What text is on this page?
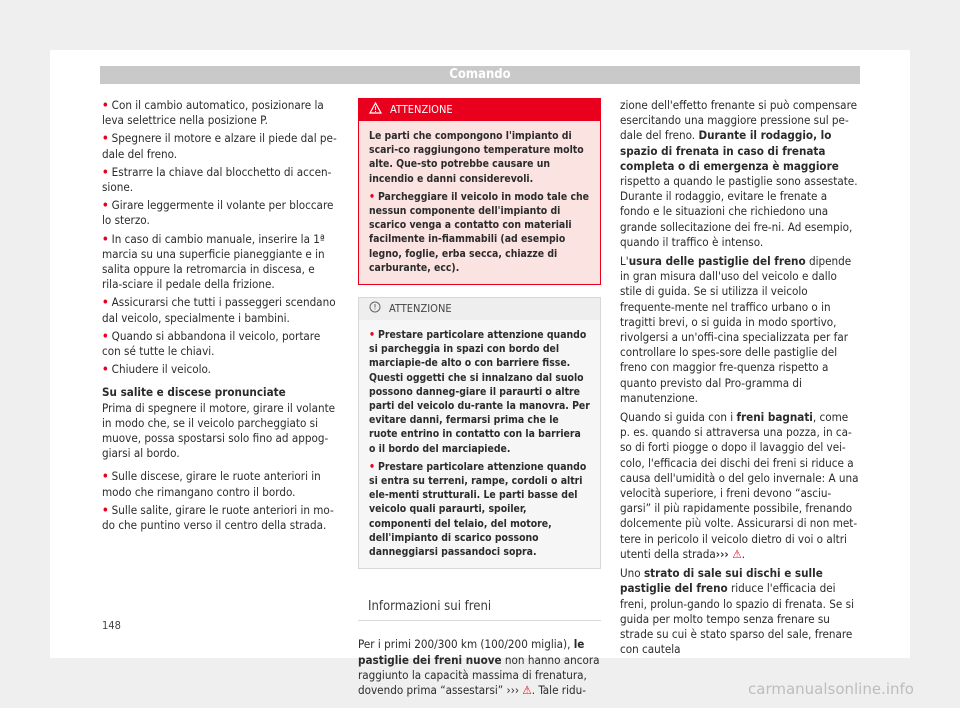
Comando
• Con il cambio automatico, posizionare la leva selettrice nella posizione P.
• Spegnere il motore e alzare il piede dal pe-dale del freno.
• Estrarre la chiave dal blocchetto di accen-sione.
• Girare leggermente il volante per bloccare lo sterzo.
• In caso di cambio manuale, inserire la 1ª marcia su una superficie pianeggiante e in salita oppure la retromarcia in discesa, e rila-sciare il pedale della frizione.
• Assicurarsi che tutti i passeggeri scendano dal veicolo, specialmente i bambini.
• Quando si abbandona il veicolo, portare con sé tutte le chiavi.
• Chiudere il veicolo.
Su salite e discese pronunciate

Prima di spegnere il motore, girare il volante in modo che, se il veicolo parcheggiato si muove, possa spostarsi solo fino ad appog-giarsi al bordo.

• Sulle discese, girare le ruote anteriori in modo che rimangano contro il bordo.
• Sulle salite, girare le ruote anteriori in mo-do che puntino verso il centro della strada.
ATTENZIONE
Le parti che compongono l'impianto di scari-co raggiungono temperature molto alte. Que-sto potrebbe causare un incendio e danni considerevoli.
• Parcheggiare il veicolo in modo tale che nessun componente dell'impianto di scarico venga a contatto con materiali facilmente in-fiammabili (ad esempio legno, foglie, erba secca, chiazze di carburante, ecc).
ATTENZIONE
• Prestare particolare attenzione quando si parcheggia in spazi con bordo del marciapie-de alto o con barriere fisse. Questi oggetti che si innalzano dal suolo possono danneg-giare il paraurti o altre parti del veicolo du-rante la manovra. Per evitare danni, fermarsi prima che le ruote entrino in contatto con la barriera o il bordo del marciapiede.
• Prestare particolare attenzione quando si entra su terreni, rampe, cordoli o altri ele-menti strutturali. Le parti basse del veicolo quali paraurti, spoiler, componenti del telaio, del motore, dell'impianto di scarico possono danneggiarsi passandoci sopra.
Informazioni sui freni

Per i primi 200/300 km (100/200 miglia), le pastiglie dei freni nuove non hanno ancora raggiunto la capacità massima di frenatura, dovendo prima “assestarsi” ››› ⚠. Tale ridu-

zione dell'effetto frenante si può compensare esercitando una maggiore pressione sul pe-dale del freno. Durante il rodaggio, lo spazio di frenata in caso di frenata completa o di emergenza è maggiore rispetto a quando le pastiglie sono assestate. Durante il rodaggio, evitare le frenate a fondo e le situazioni che richiedono una grande sollecitazione dei fre-ni. Ad esempio, quando il traffico è intenso.

L'usura delle pastiglie del freno dipende in gran misura dall'uso del veicolo e dallo stile di guida. Se si utilizza il veicolo frequente-mente nel traffico urbano o in tragitti brevi, o si guida in modo sportivo, rivolgersi a un'offi-cina specializzata per far controllare lo spes-sore delle pastiglie del freno con maggior fre-quenza rispetto a quanto previsto dal Pro-gramma di manutenzione.

Quando si guida con i freni bagnati, come p. es. quando si attraversa una pozza, in ca-so di forti piogge o dopo il lavaggio del vei-colo, l'efficacia dei dischi dei freni si riduce a causa dell'umidità o del gelo invernale: A una velocità superiore, i freni devono “asciu-garsi” il più rapidamente possibile, frenando dolcemente più volte. Assicurarsi di non met-tere in pericolo il veicolo dietro di voi o altri utenti della strada››› ⚠.

Uno strato di sale sui dischi e sulle pastiglie del freno riduce l'efficacia dei freni, prolun-gando lo spazio di frenata. Se si guida per molto tempo senza frenare su strade su cui è stato sparso del sale, frenare con cautela

148
carmanualsonline.info
